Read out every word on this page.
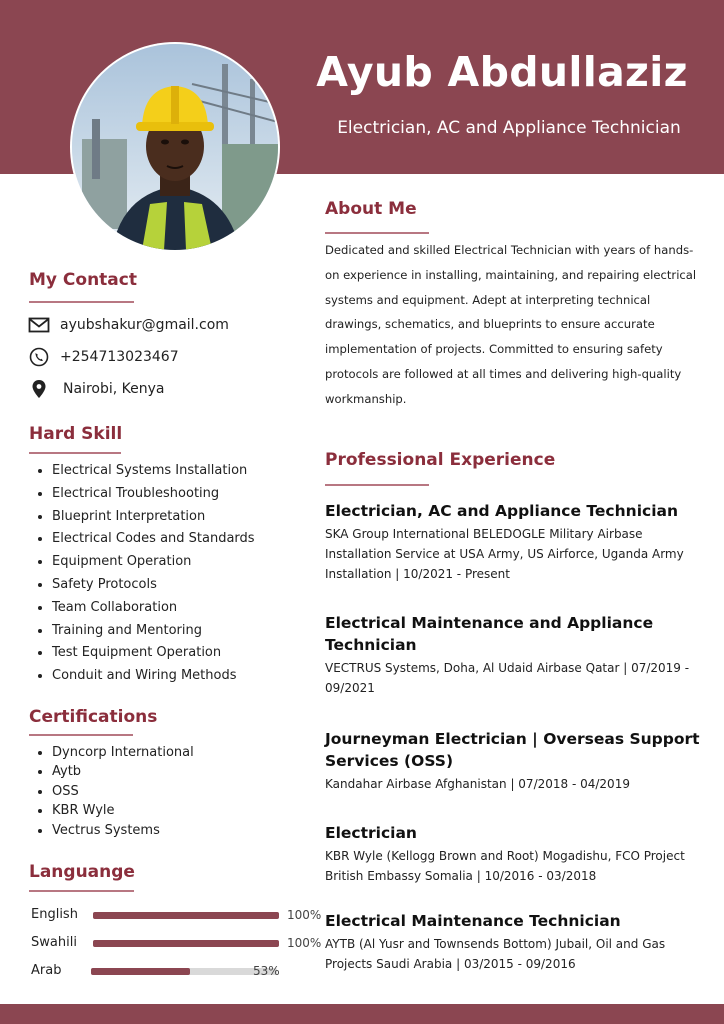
Ayub Abdullaziz
Electrician, AC and Appliance Technician
My Contact
ayubshakur@gmail.com
+254713023467
Nairobi, Kenya
Hard Skill
• Electrical Systems Installation
• Electrical Troubleshooting
• Blueprint Interpretation
• Electrical Codes and Standards
• Equipment Operation
• Safety Protocols
• Team Collaboration
• Training and Mentoring
• Test Equipment Operation
• Conduit and Wiring Methods
Certifications
• Dyncorp International
• Aytb
• OSS
• KBR Wyle
• Vectrus Systems
Languange
English	100%
Swahili	100%
Arab	53%
About Me

Dedicated and skilled Electrical Technician with years of hands-on experience in installing, maintaining, and repairing electrical systems and equipment. Adept at interpreting technical drawings, schematics, and blueprints to ensure accurate implementation of projects. Committed to ensuring safety protocols are followed at all times and delivering high-quality workmanship.

Professional Experience
Electrician, AC and Appliance Technician
SKA Group International BELEDOGLE Military Airbase Installation Service at USA Army, US Airforce, Uganda Army Installation | 10/2021 - Present
Electrical Maintenance and Appliance Technician
VECTRUS Systems, Doha, Al Udaid Airbase Qatar | 07/2019 - 09/2021
Journeyman Electrician | Overseas Support Services (OSS)
Kandahar Airbase Afghanistan | 07/2018 - 04/2019
Electrician
KBR Wyle (Kellogg Brown and Root) Mogadishu, FCO Project British Embassy Somalia | 10/2016 - 03/2018
Electrical Maintenance Technician
AYTB (Al Yusr and Townsends Bottom) Jubail, Oil and Gas Projects Saudi Arabia | 03/2015 - 09/2016
